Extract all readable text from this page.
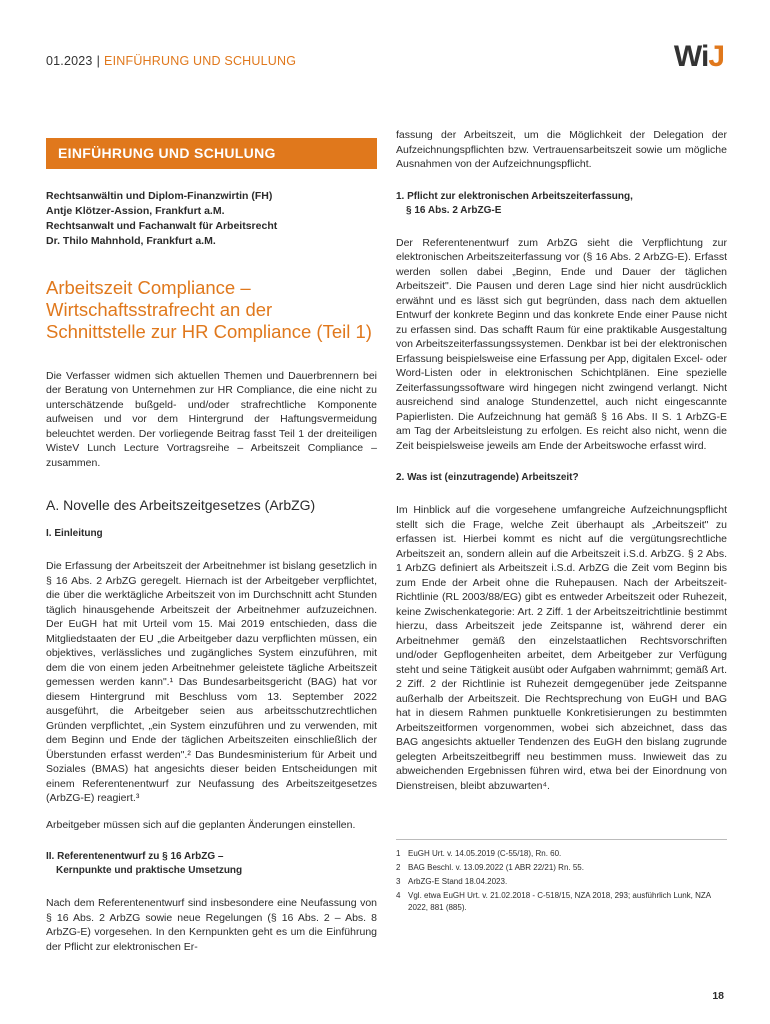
01.2023 | EINFÜHRUNG UND SCHULUNG	WiJ
EINFÜHRUNG UND SCHULUNG
Rechtsanwältin und Diplom-Finanzwirtin (FH)
Antje Klötzer-Assion, Frankfurt a.M.
Rechtsanwalt und Fachanwalt für Arbeitsrecht
Dr. Thilo Mahnhold, Frankfurt a.M.
Arbeitszeit Compliance – Wirtschaftsstrafrecht an der Schnittstelle zur HR Compliance (Teil 1)

Die Verfasser widmen sich aktuellen Themen und Dauerbrennern bei der Beratung von Unternehmen zur HR Compliance, die eine nicht zu unterschätzende bußgeld- und/oder strafrechtliche Komponente aufweisen und vor dem Hintergrund der Haftungsvermeidung beleuchtet werden. Der vorliegende Beitrag fasst Teil 1 der dreiteiligen WisteV Lunch Lecture Vortragsreihe – Arbeitszeit Compliance – zusammen.

A. Novelle des Arbeitszeitgesetzes (ArbZG)
I. Einleitung

Die Erfassung der Arbeitszeit der Arbeitnehmer ist bislang gesetzlich in § 16 Abs. 2 ArbZG geregelt. Hiernach ist der Arbeitgeber verpflichtet, die über die werktägliche Arbeitszeit von im Durchschnitt acht Stunden täglich hinausgehende Arbeitszeit der Arbeitnehmer aufzuzeichnen. Der EuGH hat mit Urteil vom 15. Mai 2019 entschieden, dass die Mitgliedstaaten der EU „die Arbeitgeber dazu verpflichten müssen, ein objektives, verlässliches und zugängliches System einzuführen, mit dem die von einem jeden Arbeitnehmer geleistete tägliche Arbeitszeit gemessen werden kann".¹ Das Bundesarbeitsgericht (BAG) hat vor diesem Hintergrund mit Beschluss vom 13. September 2022 ausgeführt, die Arbeitgeber seien aus arbeitsschutzrechtlichen Gründen verpflichtet, „ein System einzuführen und zu verwenden, mit dem Beginn und Ende der täglichen Arbeitszeiten einschließlich der Überstunden erfasst werden".² Das Bundesministerium für Arbeit und Soziales (BMAS) hat angesichts dieser beiden Entscheidungen mit einem Referentenentwurf zur Neufassung des Arbeitszeitgesetzes (ArbZG-E) reagiert.³

Arbeitgeber müssen sich auf die geplanten Änderungen einstellen.

II. Referentenentwurf zu § 16 ArbZG –

Kernpunkte und praktische Umsetzung

Nach dem Referentenentwurf sind insbesondere eine Neufassung von § 16 Abs. 2 ArbZG sowie neue Regelungen (§ 16 Abs. 2 – Abs. 8 ArbZG-E) vorgesehen. In den Kernpunkten geht es um die Einführung der Pflicht zur elektronischen Er-

fassung der Arbeitszeit, um die Möglichkeit der Delegation der Aufzeichnungspflichten bzw. Vertrauensarbeitszeit sowie um mögliche Ausnahmen von der Aufzeichnungspflicht.

1. Pflicht zur elektronischen Arbeitszeiterfassung,

§ 16 Abs. 2 ArbZG-E

Der Referentenentwurf zum ArbZG sieht die Verpflichtung zur elektronischen Arbeitszeiterfassung vor (§ 16 Abs. 2 ArbZG-E). Erfasst werden sollen dabei „Beginn, Ende und Dauer der täglichen Arbeitszeit". Die Pausen und deren Lage sind hier nicht ausdrücklich erwähnt und es lässt sich gut begründen, dass nach dem aktuellen Entwurf der konkrete Beginn und das konkrete Ende einer Pause nicht zu erfassen sind. Das schafft Raum für eine praktikable Ausgestaltung von Arbeitszeiterfassungssystemen. Denkbar ist bei der elektronischen Erfassung beispielsweise eine Erfassung per App, digitalen Excel- oder Word-Listen oder in elektronischen Schichtplänen. Eine spezielle Zeiterfassungssoftware wird hingegen nicht zwingend verlangt. Nicht ausreichend sind analoge Stundenzettel, auch nicht eingescannte Papierlisten. Die Aufzeichnung hat gemäß § 16 Abs. II S. 1 ArbZG-E am Tag der Arbeitsleistung zu erfolgen. Es reicht also nicht, wenn die Zeit beispielsweise jeweils am Ende der Arbeitswoche erfasst wird.

2. Was ist (einzutragende) Arbeitszeit?

Im Hinblick auf die vorgesehene umfangreiche Aufzeichnungspflicht stellt sich die Frage, welche Zeit überhaupt als „Arbeitszeit" zu erfassen ist. Hierbei kommt es nicht auf die vergütungsrechtliche Arbeitszeit an, sondern allein auf die Arbeitszeit i.S.d. ArbZG. § 2 Abs. 1 ArbZG definiert als Arbeitszeit i.S.d. ArbZG die Zeit vom Beginn bis zum Ende der Arbeit ohne die Ruhepausen. Nach der Arbeitszeit-Richtlinie (RL 2003/88/EG) gibt es entweder Arbeitszeit oder Ruhezeit, keine Zwischenkategorie: Art. 2 Ziff. 1 der Arbeitszeitrichtlinie bestimmt hierzu, dass Arbeitszeit jede Zeitspanne ist, während derer ein Arbeitnehmer gemäß den einzelstaatlichen Rechtsvorschriften und/oder Gepflogenheiten arbeitet, dem Arbeitgeber zur Verfügung steht und seine Tätigkeit ausübt oder Aufgaben wahrnimmt; gemäß Art. 2 Ziff. 2 der Richtlinie ist Ruhezeit demgegenüber jede Zeitspanne außerhalb der Arbeitszeit. Die Rechtsprechung von EuGH und BAG hat in diesem Rahmen punktuelle Konkretisierungen zu bestimmten Arbeitszeitformen vorgenommen, wobei sich abzeichnet, dass das BAG angesichts aktueller Tendenzen des EuGH den bislang zugrunde gelegten Arbeitszeitbegriff neu bestimmen muss. Inwieweit das zu abweichenden Ergebnissen führen wird, etwa bei der Einordnung von Dienstreisen, bleibt abzuwarten⁴.

1 EuGH Urt. v. 14.05.2019 (C-55/18), Rn. 60.
2 BAG Beschl. v. 13.09.2022 (1 ABR 22/21) Rn. 55.
3 ArbZG-E Stand 18.04.2023.
4 Vgl. etwa EuGH Urt. v. 21.02.2018 - C-518/15, NZA 2018, 293; ausführlich Lunk, NZA 2022, 881 (885).
18
